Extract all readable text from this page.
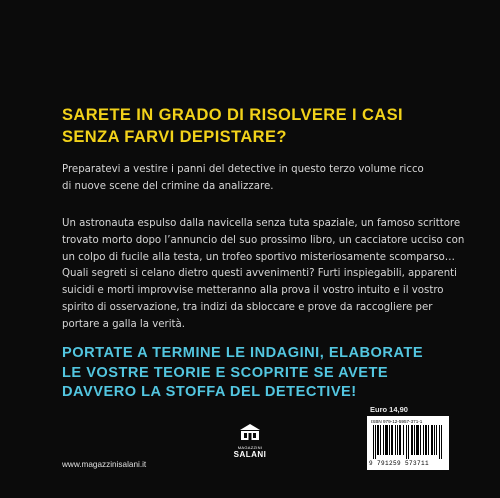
SARETE IN GRADO DI RISOLVERE I CASI
SENZA FARVI DEPISTARE?
Preparatevi a vestire i panni del detective in questo terzo volume ricco
di nuove scene del crimine da analizzare.
Un astronauta espulso dalla navicella senza tuta spaziale, un famoso scrittore
trovato morto dopo l’annuncio del suo prossimo libro, un cacciatore ucciso con
un colpo di fucile alla testa, un trofeo sportivo misteriosamente scomparso…
Quali segreti si celano dietro questi avvenimenti? Furti inspiegabili, apparenti
suicidi e morti improvvise metteranno alla prova il vostro intuito e il vostro
spirito di osservazione, tra indizi da sbloccare e prove da raccogliere per
portare a galla la verità.
PORTATE A TERMINE LE INDAGINI, ELABORATE
LE VOSTRE TEORIE E SCOPRITE SE AVETE
DAVVERO LA STOFFA DEL DETECTIVE!
Euro 14,90
ISBN 979-12-5957-371-1
9 791259 573711
MAGAZZINI
SALANI
www.magazzinisalani.it
